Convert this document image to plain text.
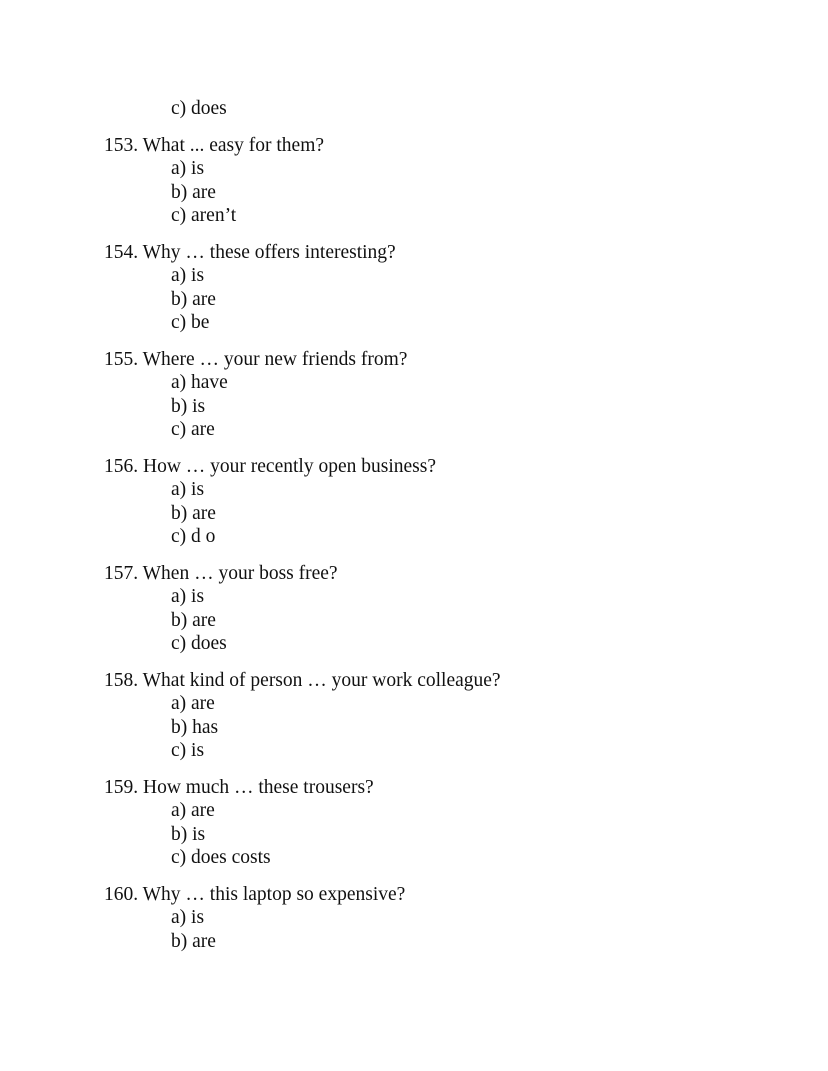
c) does
153. What ... easy for them?
a) is
b) are
c) aren’t
154. Why … these offers interesting?
a) is
b) are
c) be
155. Where … your new friends from?
a) have
b) is
c) are
156. How … your recently open business?
a) is
b) are
c) d o
157. When … your boss free?
a) is
b) are
c) does
158. What kind of person … your work colleague?
a) are
b) has
c) is
159. How much … these trousers?
a) are
b) is
c) does costs
160. Why … this laptop so expensive?
a) is
b) are
